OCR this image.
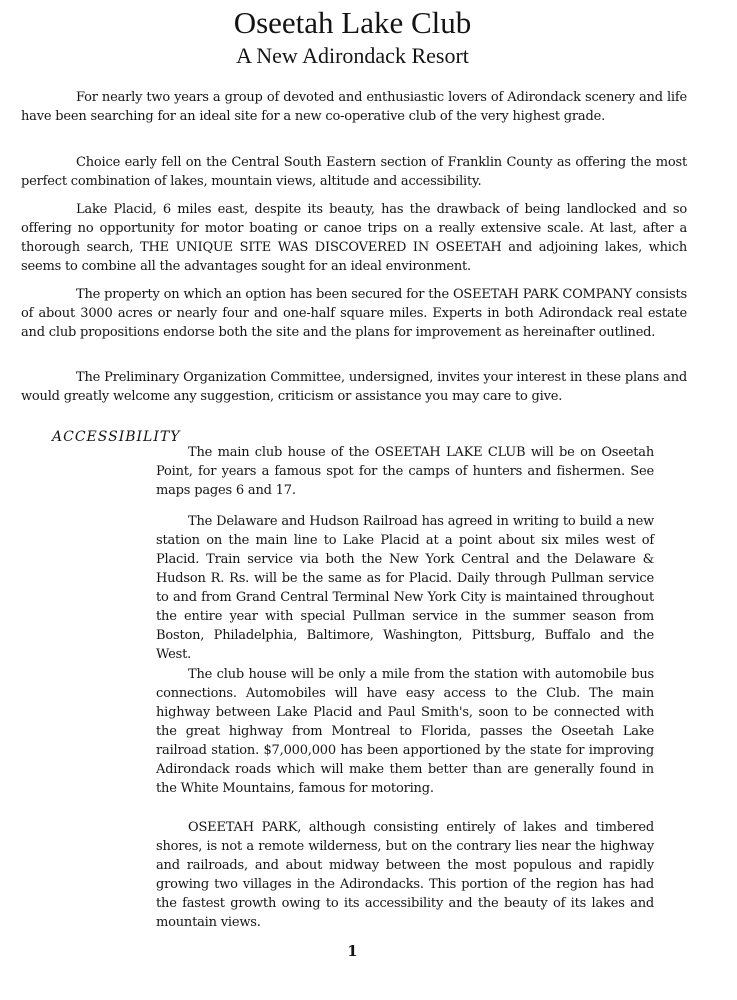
Oseetah Lake Club
A New Adirondack Resort

For nearly two years a group of devoted and enthusiastic lovers of Adirondack scenery and life have been searching for an ideal site for a new co-operative club of the very highest grade.

Choice early fell on the Central South Eastern section of Franklin County as offering the most perfect combination of lakes, mountain views, altitude and accessibility.

Lake Placid, 6 miles east, despite its beauty, has the drawback of being landlocked and so offering no opportunity for motor boating or canoe trips on a really extensive scale. At last, after a thorough search, THE UNIQUE SITE WAS DISCOVERED IN OSEETAH and adjoining lakes, which seems to combine all the advantages sought for an ideal environment.

The property on which an option has been secured for the OSEETAH PARK COMPANY consists of about 3000 acres or nearly four and one-half square miles. Experts in both Adirondack real estate and club propositions endorse both the site and the plans for improvement as hereinafter outlined.

The Preliminary Organization Committee, undersigned, invites your interest in these plans and would greatly welcome any suggestion, criticism or assistance you may care to give.

ACCESSIBILITY

The main club house of the OSEETAH LAKE CLUB will be on Oseetah Point, for years a famous spot for the camps of hunters and fishermen. See maps pages 6 and 17.

The Delaware and Hudson Railroad has agreed in writing to build a new station on the main line to Lake Placid at a point about six miles west of Placid. Train service via both the New York Central and the Delaware & Hudson R. Rs. will be the same as for Placid. Daily through Pullman service to and from Grand Central Terminal New York City is maintained throughout the entire year with special Pullman service in the summer season from Boston, Philadelphia, Baltimore, Washington, Pittsburg, Buffalo and the West.

The club house will be only a mile from the station with automobile bus connections. Automobiles will have easy access to the Club. The main highway between Lake Placid and Paul Smith's, soon to be connected with the great highway from Montreal to Florida, passes the Oseetah Lake railroad station. $7,000,000 has been apportioned by the state for improving Adirondack roads which will make them better than are generally found in the White Mountains, famous for motoring.

OSEETAH PARK, although consisting entirely of lakes and timbered shores, is not a remote wilderness, but on the contrary lies near the highway and railroads, and about midway between the most populous and rapidly growing two villages in the Adirondacks. This portion of the region has had the fastest growth owing to its accessibility and the beauty of its lakes and mountain views.

1
